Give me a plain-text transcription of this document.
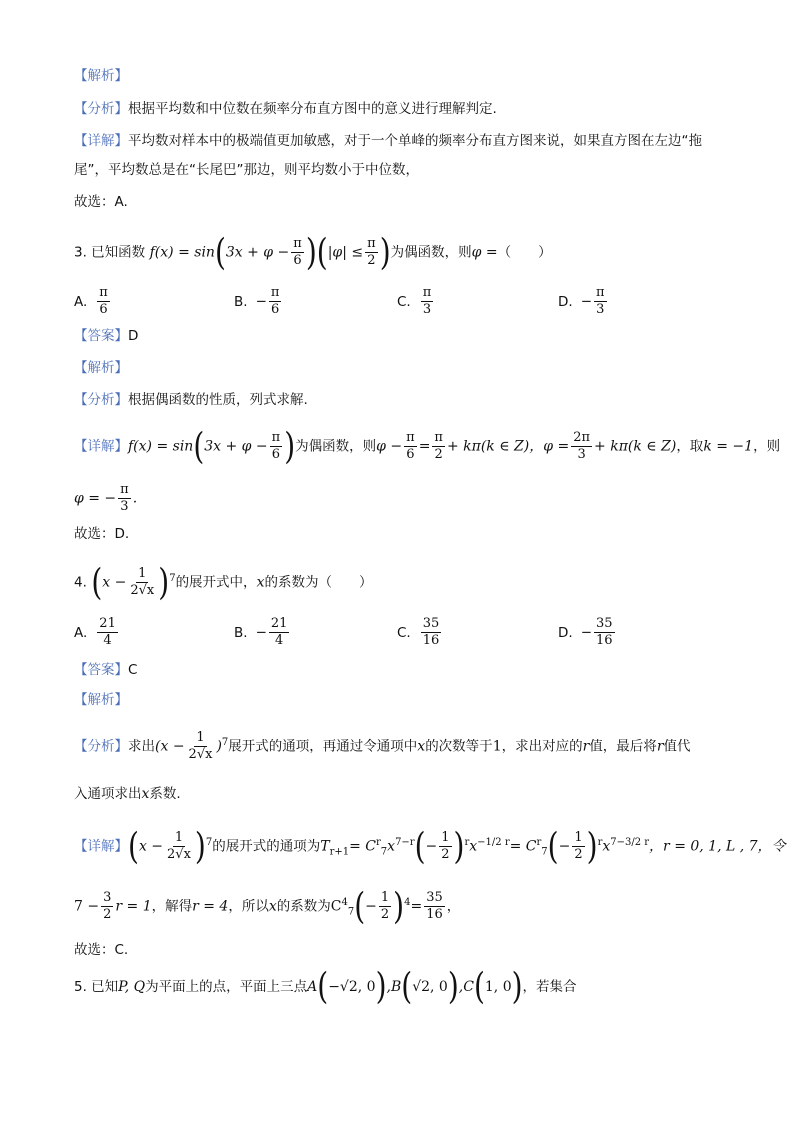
【解析】
【分析】根据平均数和中位数在频率分布直方图中的意义进行理解判定.
【详解】平均数对样本中的极端值更加敏感，对于一个单峰的频率分布直方图来说，如果直方图在左边“拖
尾”，平均数总是在“长尾巴”那边，则平均数小于中位数，
故选：A.
3. 已知函数 $f(x) = \sin(3x + \varphi - \frac{\pi}{6} )(|\varphi| \le \frac{\pi}{2}$ )为偶函数，则φ =（　　）
A. $\frac{\pi}{6}$	B. − $\frac{\pi}{6}$	C. $\frac{\pi}{3}$	D. − $\frac{\pi}{3}$
【答案】D
【解析】
【分析】根据偶函数的性质，列式求解.
【详解】$f(x) = \sin(3x + \varphi - \frac{\pi}{6}$ )为偶函数，则$\varphi - \frac{\pi}{6} = \frac{\pi}{2} + k\pi(k$ ∈ Z)，$\varphi = \frac{2\pi}{3} + k\pi(k$ ∈ Z)，取k = −1，则
φ = − $\frac{\pi}{3}$ .
故选：D.
4. $(x - \frac{1}{2√x} )^7$的展开式中，x的系数为（　　）
A. $\frac{21}{4}$	B. − $\frac{21}{4}$	C. $\frac{35}{16}$	D. − $\frac{35}{16}$
【答案】C
【解析】
【分析】求出$(x - \frac{1}{2√x} )^7$展开式的通项，再通过令通项中x的次数等于1，求出对应的r值，最后将r值代
入通项求出x系数.
【详解】$(x - \frac{1}{2√x} )^7$的展开式的通项为$T_{r+1}= C^r_7x^{7-r}(- \frac{1}{2} )^rx^{-1/2 r}= C^r_7(- \frac{1}{2} )^rx^{7-3/2 r}$，r = 0, 1, L , 7，令
$7 - \frac{3}{2}$ r = 1，解得r = 4，所以x的系数为$C^4_7(- \frac{1}{2} )^4= \frac{35}{16}$ ，
故选：C.
5. 已知P, Q为平面上的点，平面上三点A(−√2, 0),B(√2, 0),C(1, 0)，若集合
